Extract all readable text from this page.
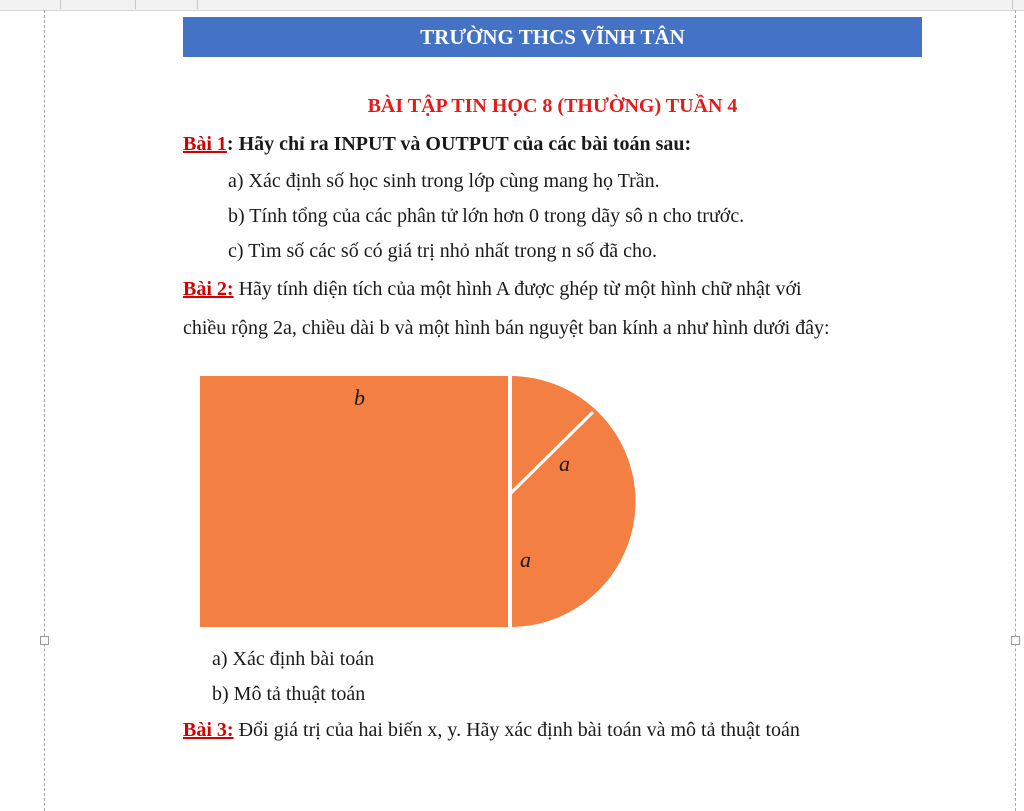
TRƯỜNG THCS VĨNH TÂN
BÀI TẬP TIN HỌC 8 (THƯỜNG) TUẦN 4
Bài 1: Hãy chỉ ra INPUT và OUTPUT của các bài toán sau:
a) Xác định số học sinh trong lớp cùng mang họ Trần.
b) Tính tổng của các phân tử lớn hơn 0 trong dãy sô n cho trước.
c) Tìm số các số có giá trị nhỏ nhất trong n số đã cho.
Bài 2: Hãy tính diện tích của một hình A được ghép từ một hình chữ nhật với
chiều rộng 2a, chiều dài b và một hình bán nguyệt ban kính a như hình dưới đây:
b
a
a
a) Xác định bài toán
b) Mô tả thuật toán
Bài 3: Đổi giá trị của hai biến x, y. Hãy xác định bài toán và mô tả thuật toán
